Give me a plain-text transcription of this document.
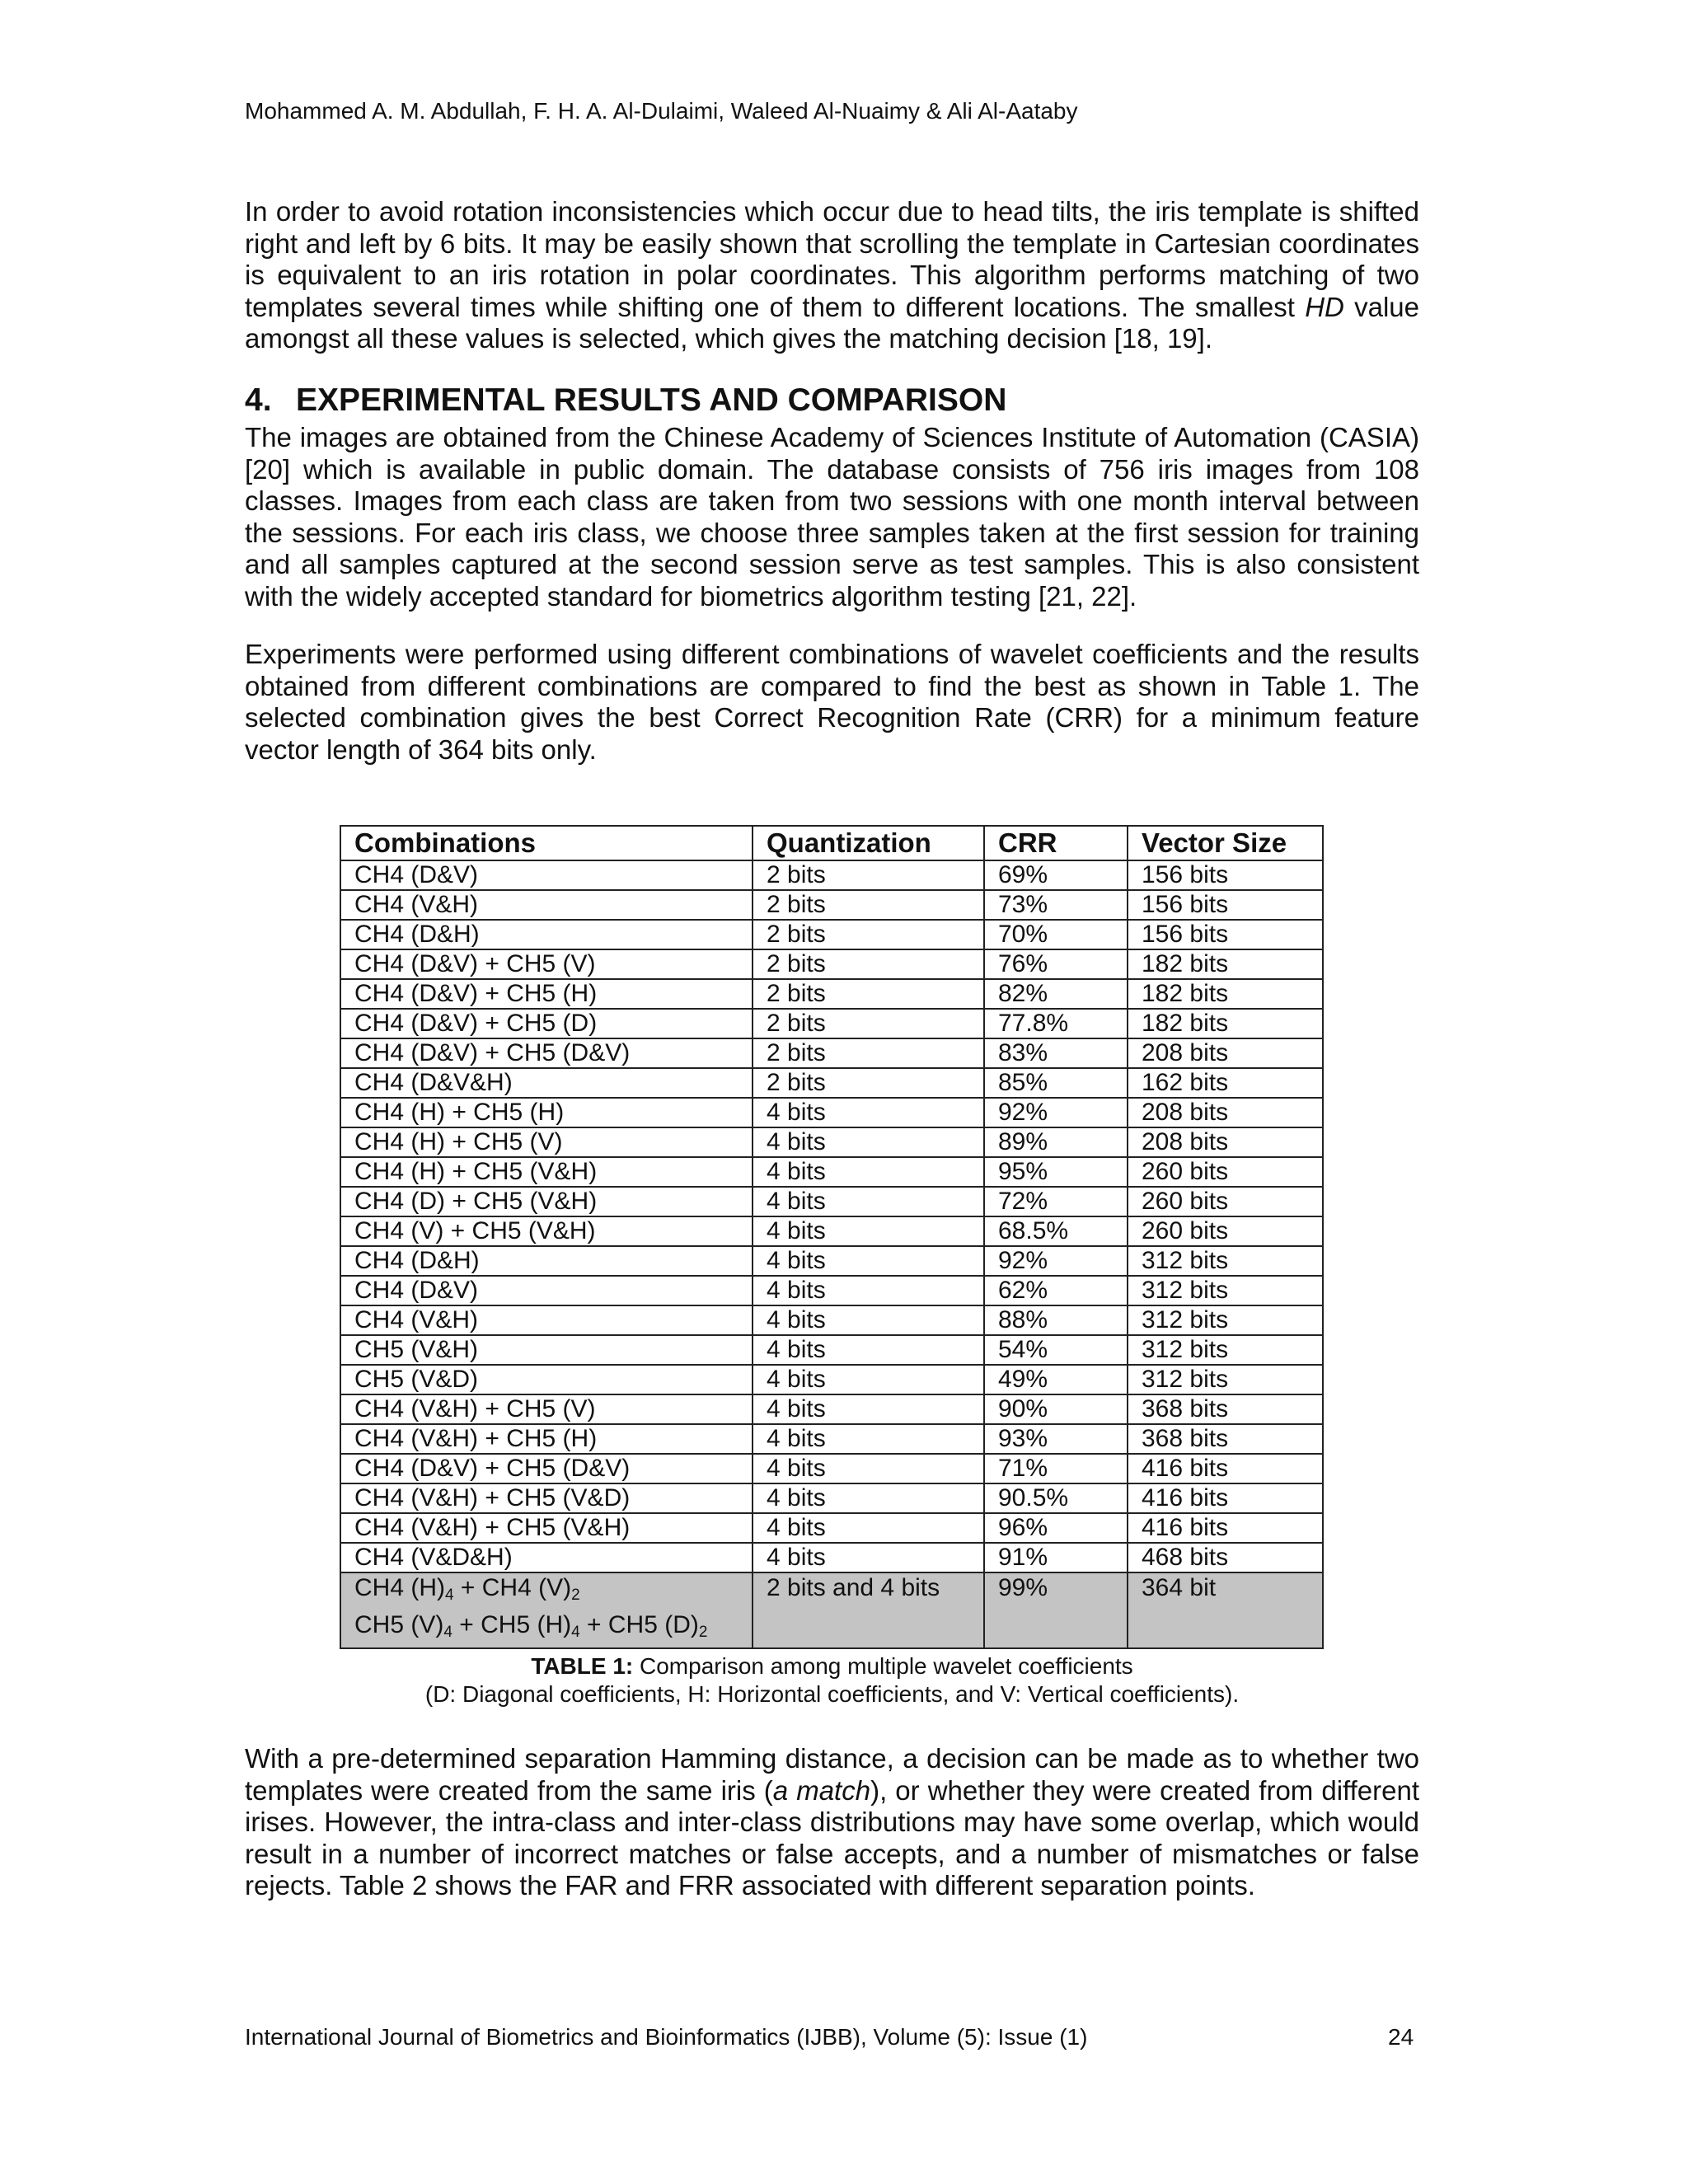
Mohammed A. M. Abdullah, F. H. A. Al-Dulaimi, Waleed Al-Nuaimy & Ali Al-Aataby

In order to avoid rotation inconsistencies which occur due to head tilts, the iris template is shifted right and left by 6 bits. It may be easily shown that scrolling the template in Cartesian coordinates is equivalent to an iris rotation in polar coordinates. This algorithm performs matching of two templates several times while shifting one of them to different locations. The smallest HD value amongst all these values is selected, which gives the matching decision [18, 19].

4. EXPERIMENTAL RESULTS AND COMPARISON

The images are obtained from the Chinese Academy of Sciences Institute of Automation (CASIA) [20] which is available in public domain. The database consists of 756 iris images from 108 classes. Images from each class are taken from two sessions with one month interval between the sessions. For each iris class, we choose three samples taken at the first session for training and all samples captured at the second session serve as test samples. This is also consistent with the widely accepted standard for biometrics algorithm testing [21, 22].

Experiments were performed using different combinations of wavelet coefficients and the results obtained from different combinations are compared to find the best as shown in Table 1. The selected combination gives the best Correct Recognition Rate (CRR) for a minimum feature vector length of 364 bits only.

Combinations	Quantization	CRR	Vector Size
CH4 (D&V)	2 bits	69%	156 bits
CH4 (V&H)	2 bits	73%	156 bits
CH4 (D&H)	2 bits	70%	156 bits
CH4 (D&V) + CH5 (V)	2 bits	76%	182 bits
CH4 (D&V) + CH5 (H)	2 bits	82%	182 bits
CH4 (D&V) + CH5 (D)	2 bits	77.8%	182 bits
CH4 (D&V) + CH5 (D&V)	2 bits	83%	208 bits
CH4 (D&V&H)	2 bits	85%	162 bits
CH4 (H) + CH5 (H)	4 bits	92%	208 bits
CH4 (H) + CH5 (V)	4 bits	89%	208 bits
CH4 (H) + CH5 (V&H)	4 bits	95%	260 bits
CH4 (D) + CH5 (V&H)	4 bits	72%	260 bits
CH4 (V) + CH5 (V&H)	4 bits	68.5%	260 bits
CH4 (D&H)	4 bits	92%	312 bits
CH4 (D&V)	4 bits	62%	312 bits
CH4 (V&H)	4 bits	88%	312 bits
CH5 (V&H)	4 bits	54%	312 bits
CH5 (V&D)	4 bits	49%	312 bits
CH4 (V&H) + CH5 (V)	4 bits	90%	368 bits
CH4 (V&H) + CH5 (H)	4 bits	93%	368 bits
CH4 (D&V) + CH5 (D&V)	4 bits	71%	416 bits
CH4 (V&H) + CH5 (V&D)	4 bits	90.5%	416 bits
CH4 (V&H) + CH5 (V&H)	4 bits	96%	416 bits
CH4 (V&D&H)	4 bits	91%	468 bits

CH4 $(H)_4 + CH4$ $(V)_2$
CH5 $(V)_4 + CH5$ $(H)_4 + CH5$ $(D)_2$	2 bits and 4 bits	99%	364 bit
TABLE 1: Comparison among multiple wavelet coefficients
(D: Diagonal coefficients, H: Horizontal coefficients, and V: Vertical coefficients).

With a pre-determined separation Hamming distance, a decision can be made as to whether two templates were created from the same iris (a match), or whether they were created from different irises. However, the intra-class and inter-class distributions may have some overlap, which would result in a number of incorrect matches or false accepts, and a number of mismatches or false rejects. Table 2 shows the FAR and FRR associated with different separation points.

International Journal of Biometrics and Bioinformatics (IJBB), Volume (5): Issue (1)	24
